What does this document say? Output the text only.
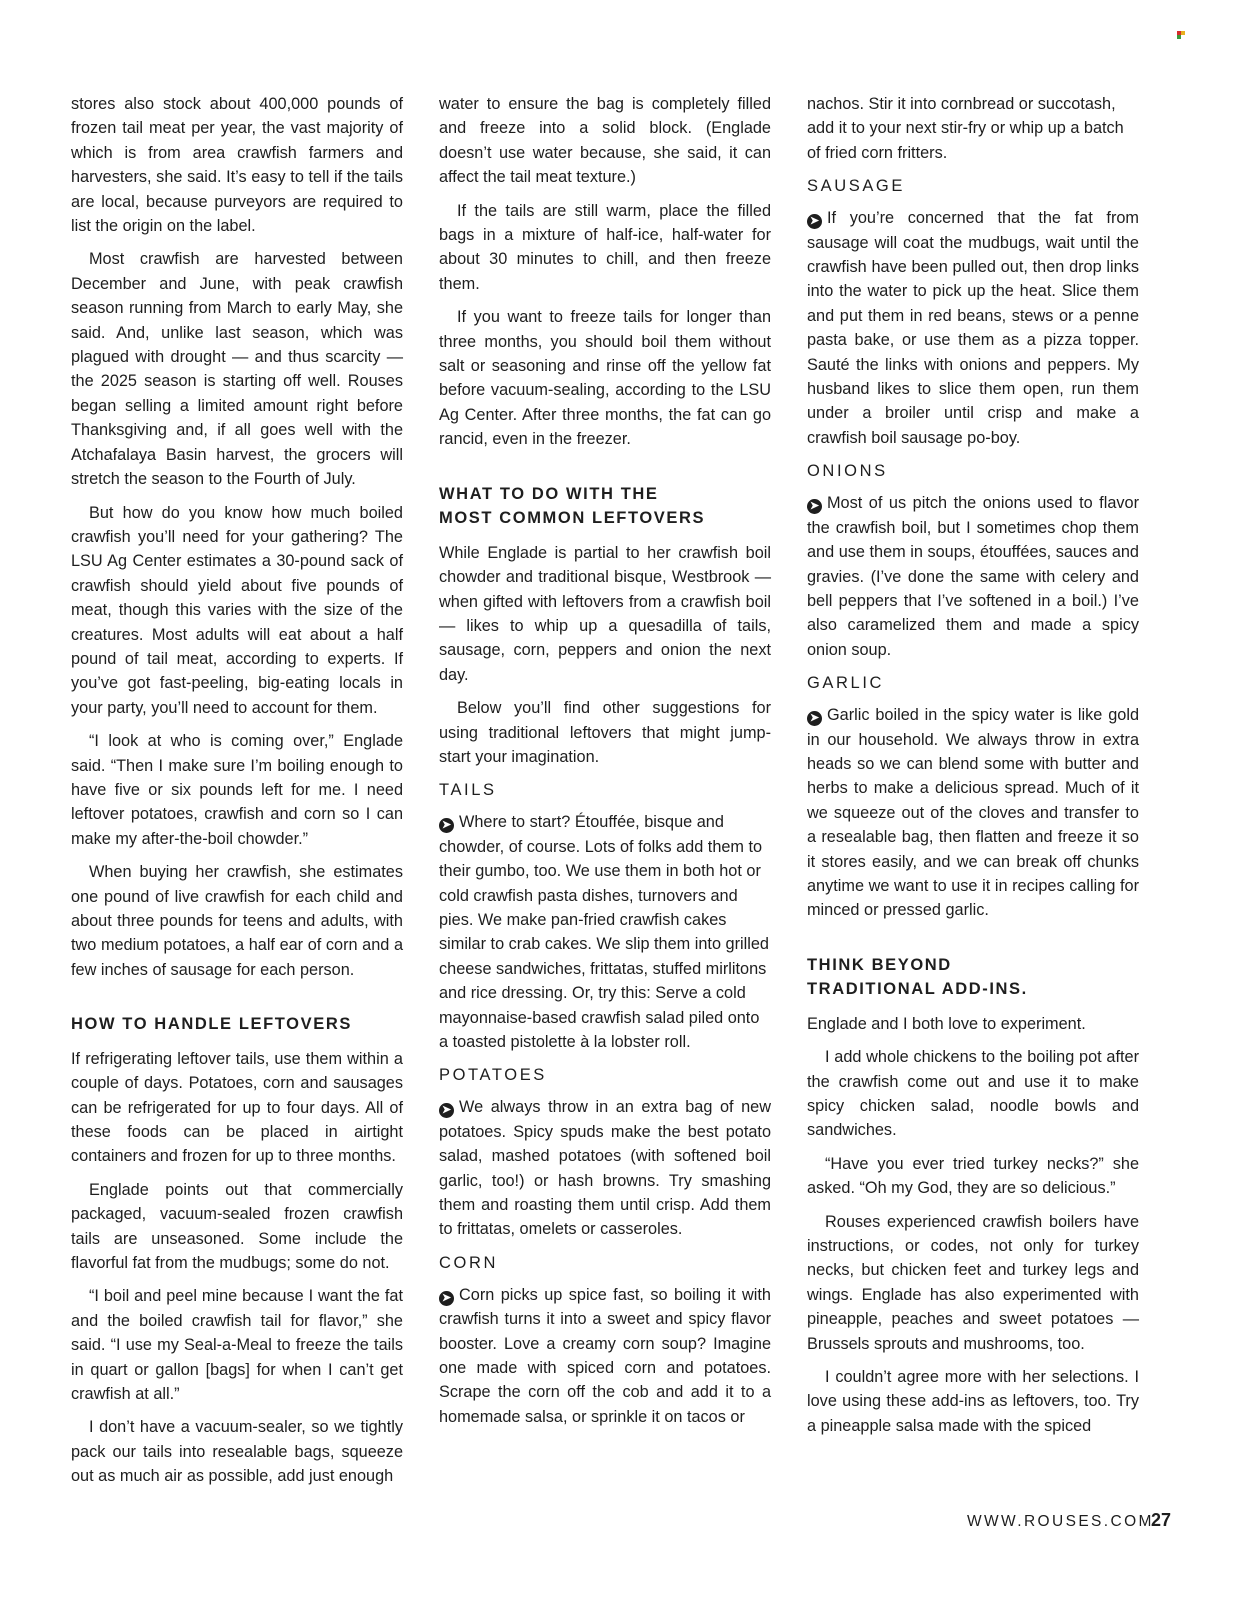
stores also stock about 400,000 pounds of frozen tail meat per year, the vast majority of which is from area crawfish farmers and harvesters, she said. It’s easy to tell if the tails are local, because purveyors are required to list the origin on the label.

Most crawfish are harvested between December and June, with peak crawfish season running from March to early May, she said. And, unlike last season, which was plagued with drought — and thus scarcity — the 2025 season is starting off well. Rouses began selling a limited amount right before Thanksgiving and, if all goes well with the Atchafalaya Basin harvest, the grocers will stretch the season to the Fourth of July.

But how do you know how much boiled crawfish you’ll need for your gathering? The LSU Ag Center estimates a 30-pound sack of crawfish should yield about five pounds of meat, though this varies with the size of the creatures. Most adults will eat about a half pound of tail meat, according to experts. If you’ve got fast-peeling, big-eating locals in your party, you’ll need to account for them.

“I look at who is coming over,” Englade said. “Then I make sure I’m boiling enough to have five or six pounds left for me. I need leftover potatoes, crawfish and corn so I can make my after-the-boil chowder.”

When buying her crawfish, she estimates one pound of live crawfish for each child and about three pounds for teens and adults, with two medium potatoes, a half ear of corn and a few inches of sausage for each person.

HOW TO HANDLE LEFTOVERS

If refrigerating leftover tails, use them within a couple of days. Potatoes, corn and sausages can be refrigerated for up to four days. All of these foods can be placed in airtight containers and frozen for up to three months.

Englade points out that commercially packaged, vacuum-sealed frozen crawfish tails are unseasoned. Some include the flavorful fat from the mudbugs; some do not.

“I boil and peel mine because I want the fat and the boiled crawfish tail for flavor,” she said. “I use my Seal-a-Meal to freeze the tails in quart or gallon [bags] for when I can’t get crawfish at all.”

I don’t have a vacuum-sealer, so we tightly pack our tails into resealable bags, squeeze out as much air as possible, add just enough

water to ensure the bag is completely filled and freeze into a solid block. (Englade doesn’t use water because, she said, it can affect the tail meat texture.)

If the tails are still warm, place the filled bags in a mixture of half-ice, half-water for about 30 minutes to chill, and then freeze them.

If you want to freeze tails for longer than three months, you should boil them without salt or seasoning and rinse off the yellow fat before vacuum-sealing, according to the LSU Ag Center. After three months, the fat can go rancid, even in the freezer.

WHAT TO DO WITH THE
MOST COMMON LEFTOVERS

While Englade is partial to her crawfish boil chowder and traditional bisque, Westbrook — when gifted with leftovers from a crawfish boil — likes to whip up a quesadilla of tails, sausage, corn, peppers and onion the next day.

Below you’ll find other suggestions for using traditional leftovers that might jump-start your imagination.

TAILS

➤ Where to start? Étouffée, bisque and chowder, of course. Lots of folks add them to their gumbo, too. We use them in both hot or cold crawfish pasta dishes, turnovers and pies. We make pan-fried crawfish cakes similar to crab cakes. We slip them into grilled cheese sandwiches, frittatas, stuffed mirlitons and rice dressing. Or, try this: Serve a cold mayonnaise-based crawfish salad piled onto a toasted pistolette à la lobster roll.

POTATOES

➤ We always throw in an extra bag of new potatoes. Spicy spuds make the best potato salad, mashed potatoes (with softened boil garlic, too!) or hash browns. Try smashing them and roasting them until crisp. Add them to frittatas, omelets or casseroles.

CORN

➤ Corn picks up spice fast, so boiling it with crawfish turns it into a sweet and spicy flavor booster. Love a creamy corn soup? Imagine one made with spiced corn and potatoes. Scrape the corn off the cob and add it to a homemade salsa, or sprinkle it on tacos or

nachos. Stir it into cornbread or succotash, add it to your next stir-fry or whip up a batch of fried corn fritters.

SAUSAGE

➤ If you’re concerned that the fat from sausage will coat the mudbugs, wait until the crawfish have been pulled out, then drop links into the water to pick up the heat. Slice them and put them in red beans, stews or a penne pasta bake, or use them as a pizza topper. Sauté the links with onions and peppers. My husband likes to slice them open, run them under a broiler until crisp and make a crawfish boil sausage po-boy.

ONIONS

➤ Most of us pitch the onions used to flavor the crawfish boil, but I sometimes chop them and use them in soups, étouffées, sauces and gravies. (I’ve done the same with celery and bell peppers that I’ve softened in a boil.) I’ve also caramelized them and made a spicy onion soup.

GARLIC

➤ Garlic boiled in the spicy water is like gold in our household. We always throw in extra heads so we can blend some with butter and herbs to make a delicious spread. Much of it we squeeze out of the cloves and transfer to a resealable bag, then flatten and freeze it so it stores easily, and we can break off chunks anytime we want to use it in recipes calling for minced or pressed garlic.

THINK BEYOND
TRADITIONAL ADD-INS.

Englade and I both love to experiment.

I add whole chickens to the boiling pot after the crawfish come out and use it to make spicy chicken salad, noodle bowls and sandwiches.

“Have you ever tried turkey necks?” she asked. “Oh my God, they are so delicious.”

Rouses experienced crawfish boilers have instructions, or codes, not only for turkey necks, but chicken feet and turkey legs and wings. Englade has also experimented with pineapple, peaches and sweet potatoes — Brussels sprouts and mushrooms, too.

I couldn’t agree more with her selections. I love using these add-ins as leftovers, too. Try a pineapple salsa made with the spiced

WWW.ROUSES.COM
27
